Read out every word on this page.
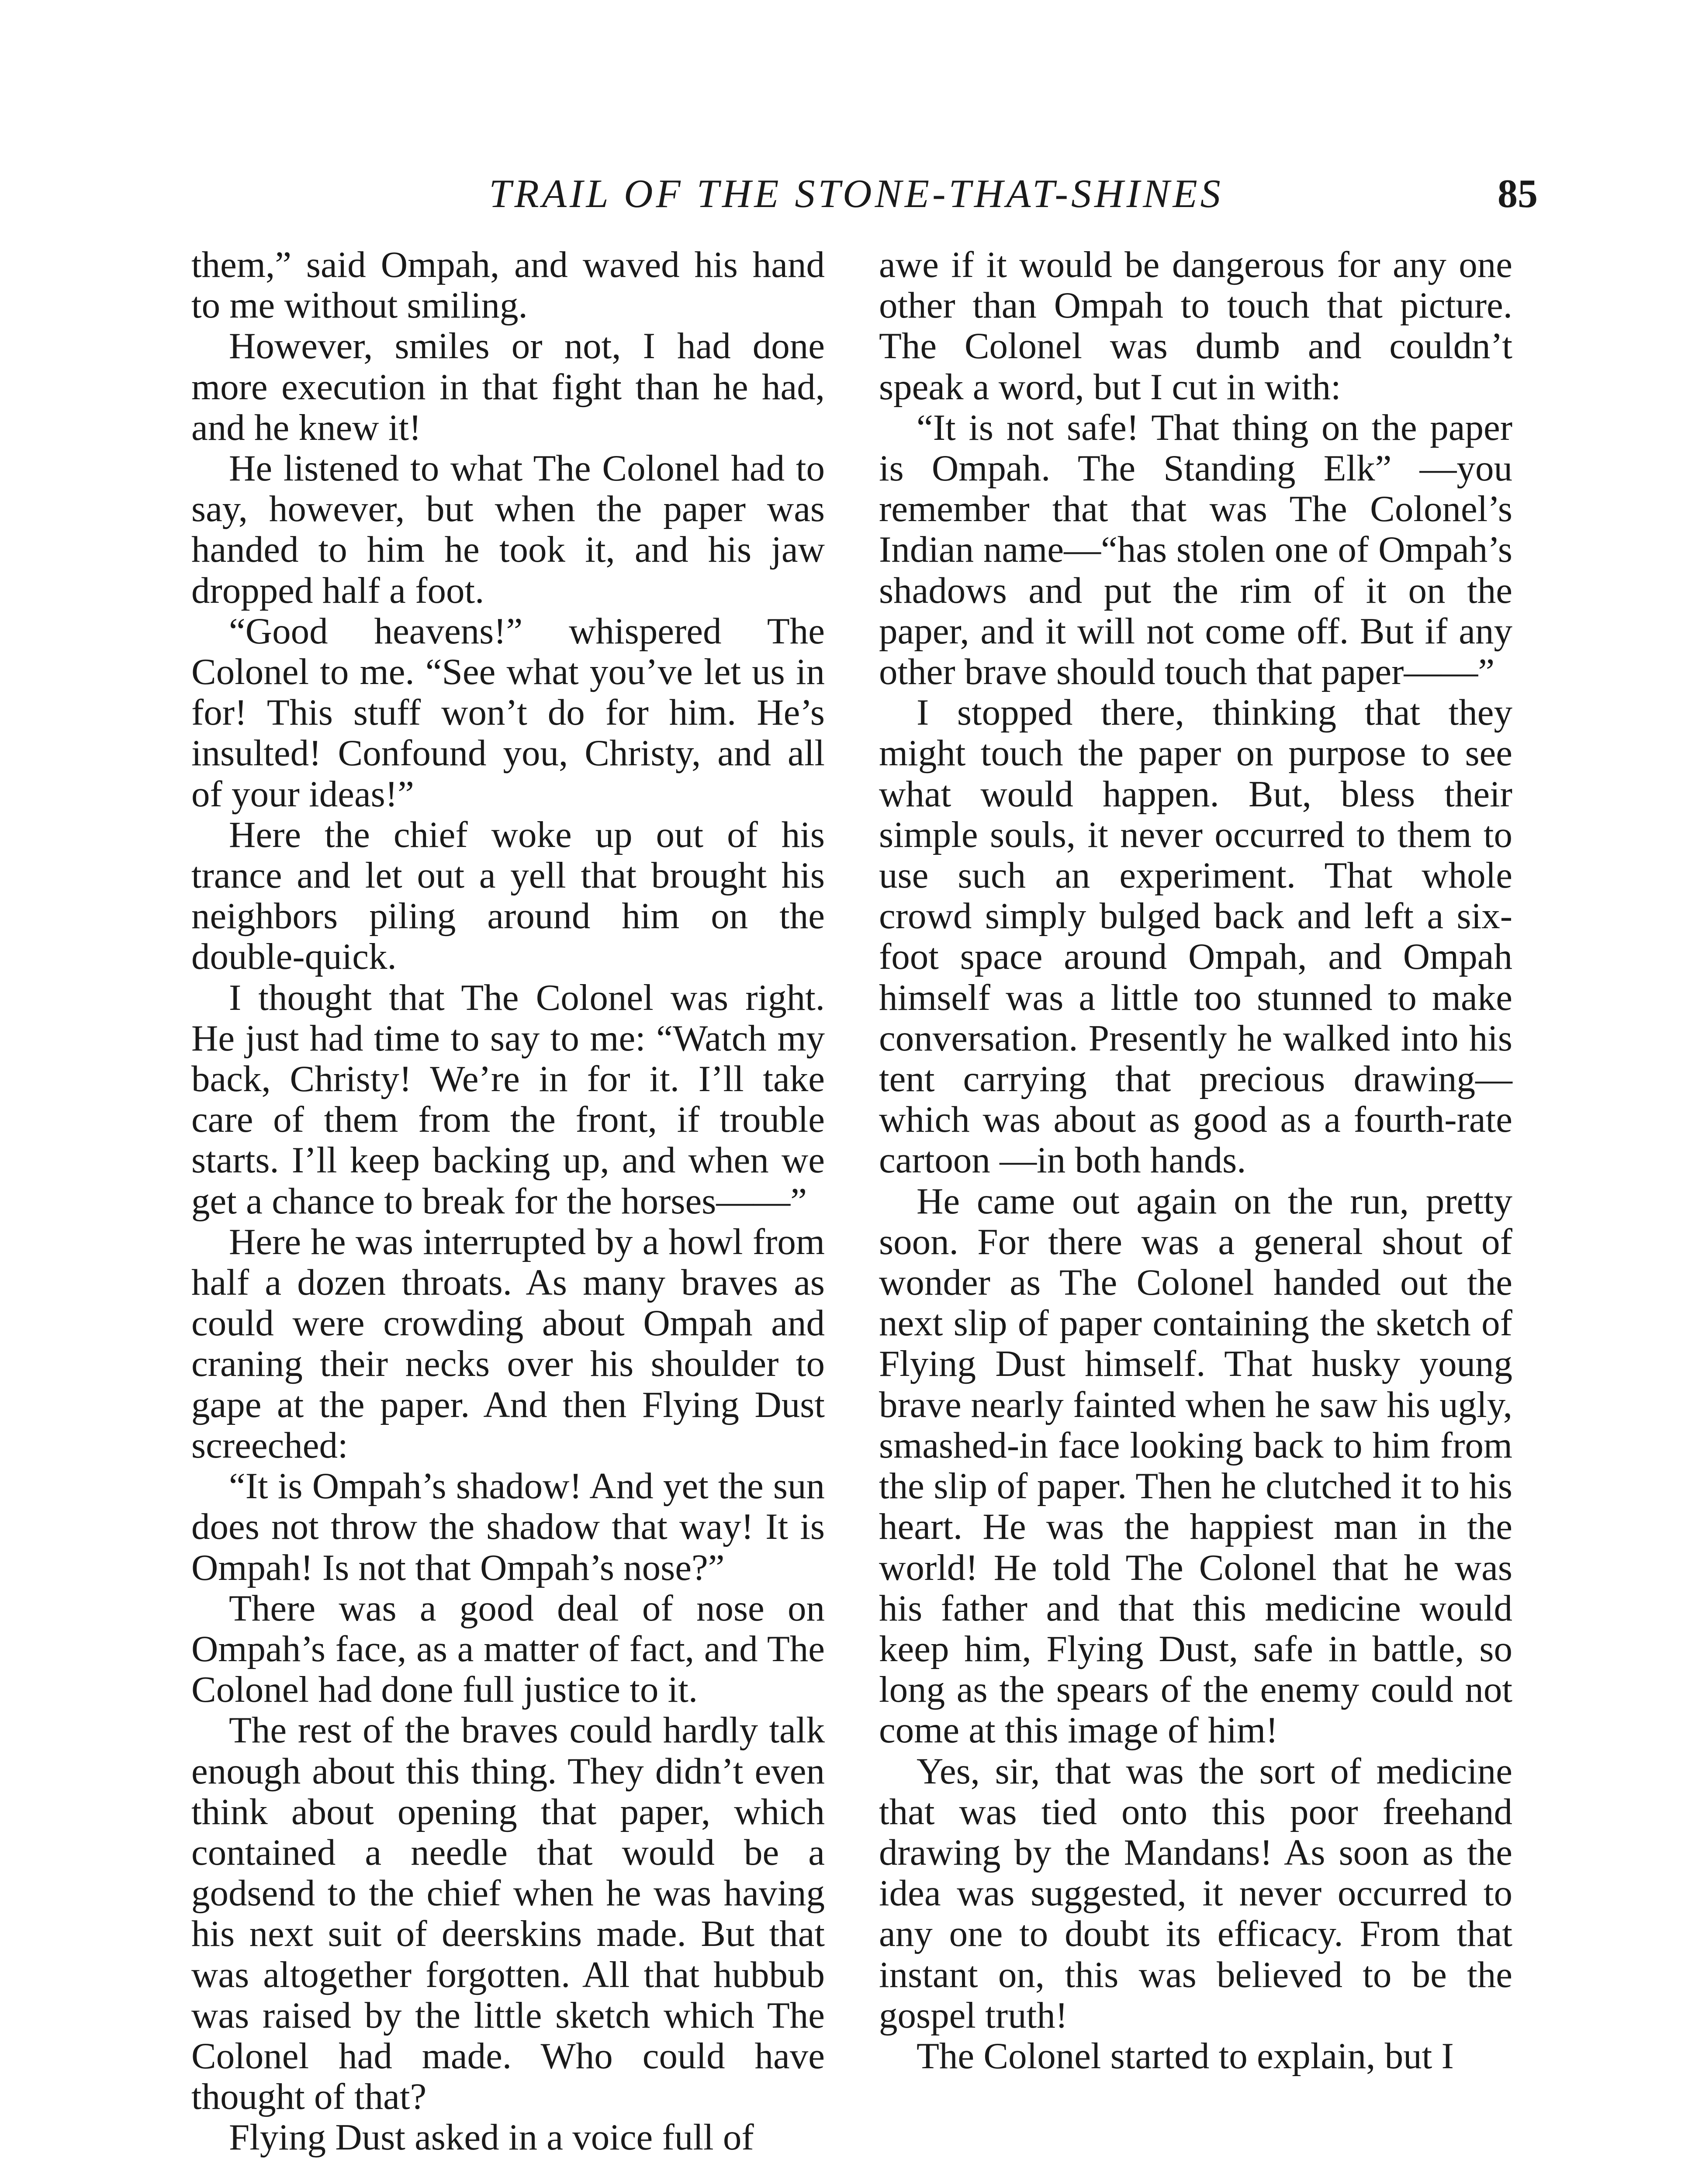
TRAIL OF THE STONE-THAT-SHINES	85

them,” said Ompah, and waved his hand to me without smiling.

However, smiles or not, I had done more execution in that fight than he had, and he knew it!

He listened to what The Colonel had to say, however, but when the paper was handed to him he took it, and his jaw dropped half a foot.

“Good heavens!” whispered The Colonel to me. “See what you’ve let us in for! This stuff won’t do for him. He’s insulted! Confound you, Christy, and all of your ideas!”

Here the chief woke up out of his trance and let out a yell that brought his neighbors piling around him on the double-quick.

I thought that The Colonel was right. He just had time to say to me: “Watch my back, Christy! We’re in for it. I’ll take care of them from the front, if trouble starts. I’ll keep backing up, and when we get a chance to break for the horses——”

Here he was interrupted by a howl from half a dozen throats. As many braves as could were crowding about Ompah and craning their necks over his shoulder to gape at the paper. And then Flying Dust screeched:

“It is Ompah’s shadow! And yet the sun does not throw the shadow that way! It is Ompah! Is not that Ompah’s nose?”

There was a good deal of nose on Ompah’s face, as a matter of fact, and The Colonel had done full justice to it.

The rest of the braves could hardly talk enough about this thing. They didn’t even think about opening that paper, which contained a needle that would be a godsend to the chief when he was having his next suit of deerskins made. But that was altogether forgotten. All that hubbub was raised by the little sketch which The Colonel had made. Who could have thought of that?

Flying Dust asked in a voice full of

awe if it would be dangerous for any one other than Ompah to touch that picture. The Colonel was dumb and couldn’t speak a word, but I cut in with:

“It is not safe! That thing on the paper is Ompah. The Standing Elk” —you remember that that was The Colonel’s Indian name—“has stolen one of Ompah’s shadows and put the rim of it on the paper, and it will not come off. But if any other brave should touch that paper——”

I stopped there, thinking that they might touch the paper on purpose to see what would happen. But, bless their simple souls, it never occurred to them to use such an experiment. That whole crowd simply bulged back and left a six-foot space around Ompah, and Ompah himself was a little too stunned to make conversation. Presently he walked into his tent carrying that precious drawing—which was about as good as a fourth-rate cartoon —in both hands.

He came out again on the run, pretty soon. For there was a general shout of wonder as The Colonel handed out the next slip of paper containing the sketch of Flying Dust himself. That husky young brave nearly fainted when he saw his ugly, smashed-in face looking back to him from the slip of paper. Then he clutched it to his heart. He was the happiest man in the world! He told The Colonel that he was his father and that this medicine would keep him, Flying Dust, safe in battle, so long as the spears of the enemy could not come at this image of him!

Yes, sir, that was the sort of medicine that was tied onto this poor freehand drawing by the Mandans! As soon as the idea was suggested, it never occurred to any one to doubt its efficacy. From that instant on, this was believed to be the gospel truth!

The Colonel started to explain, but I
